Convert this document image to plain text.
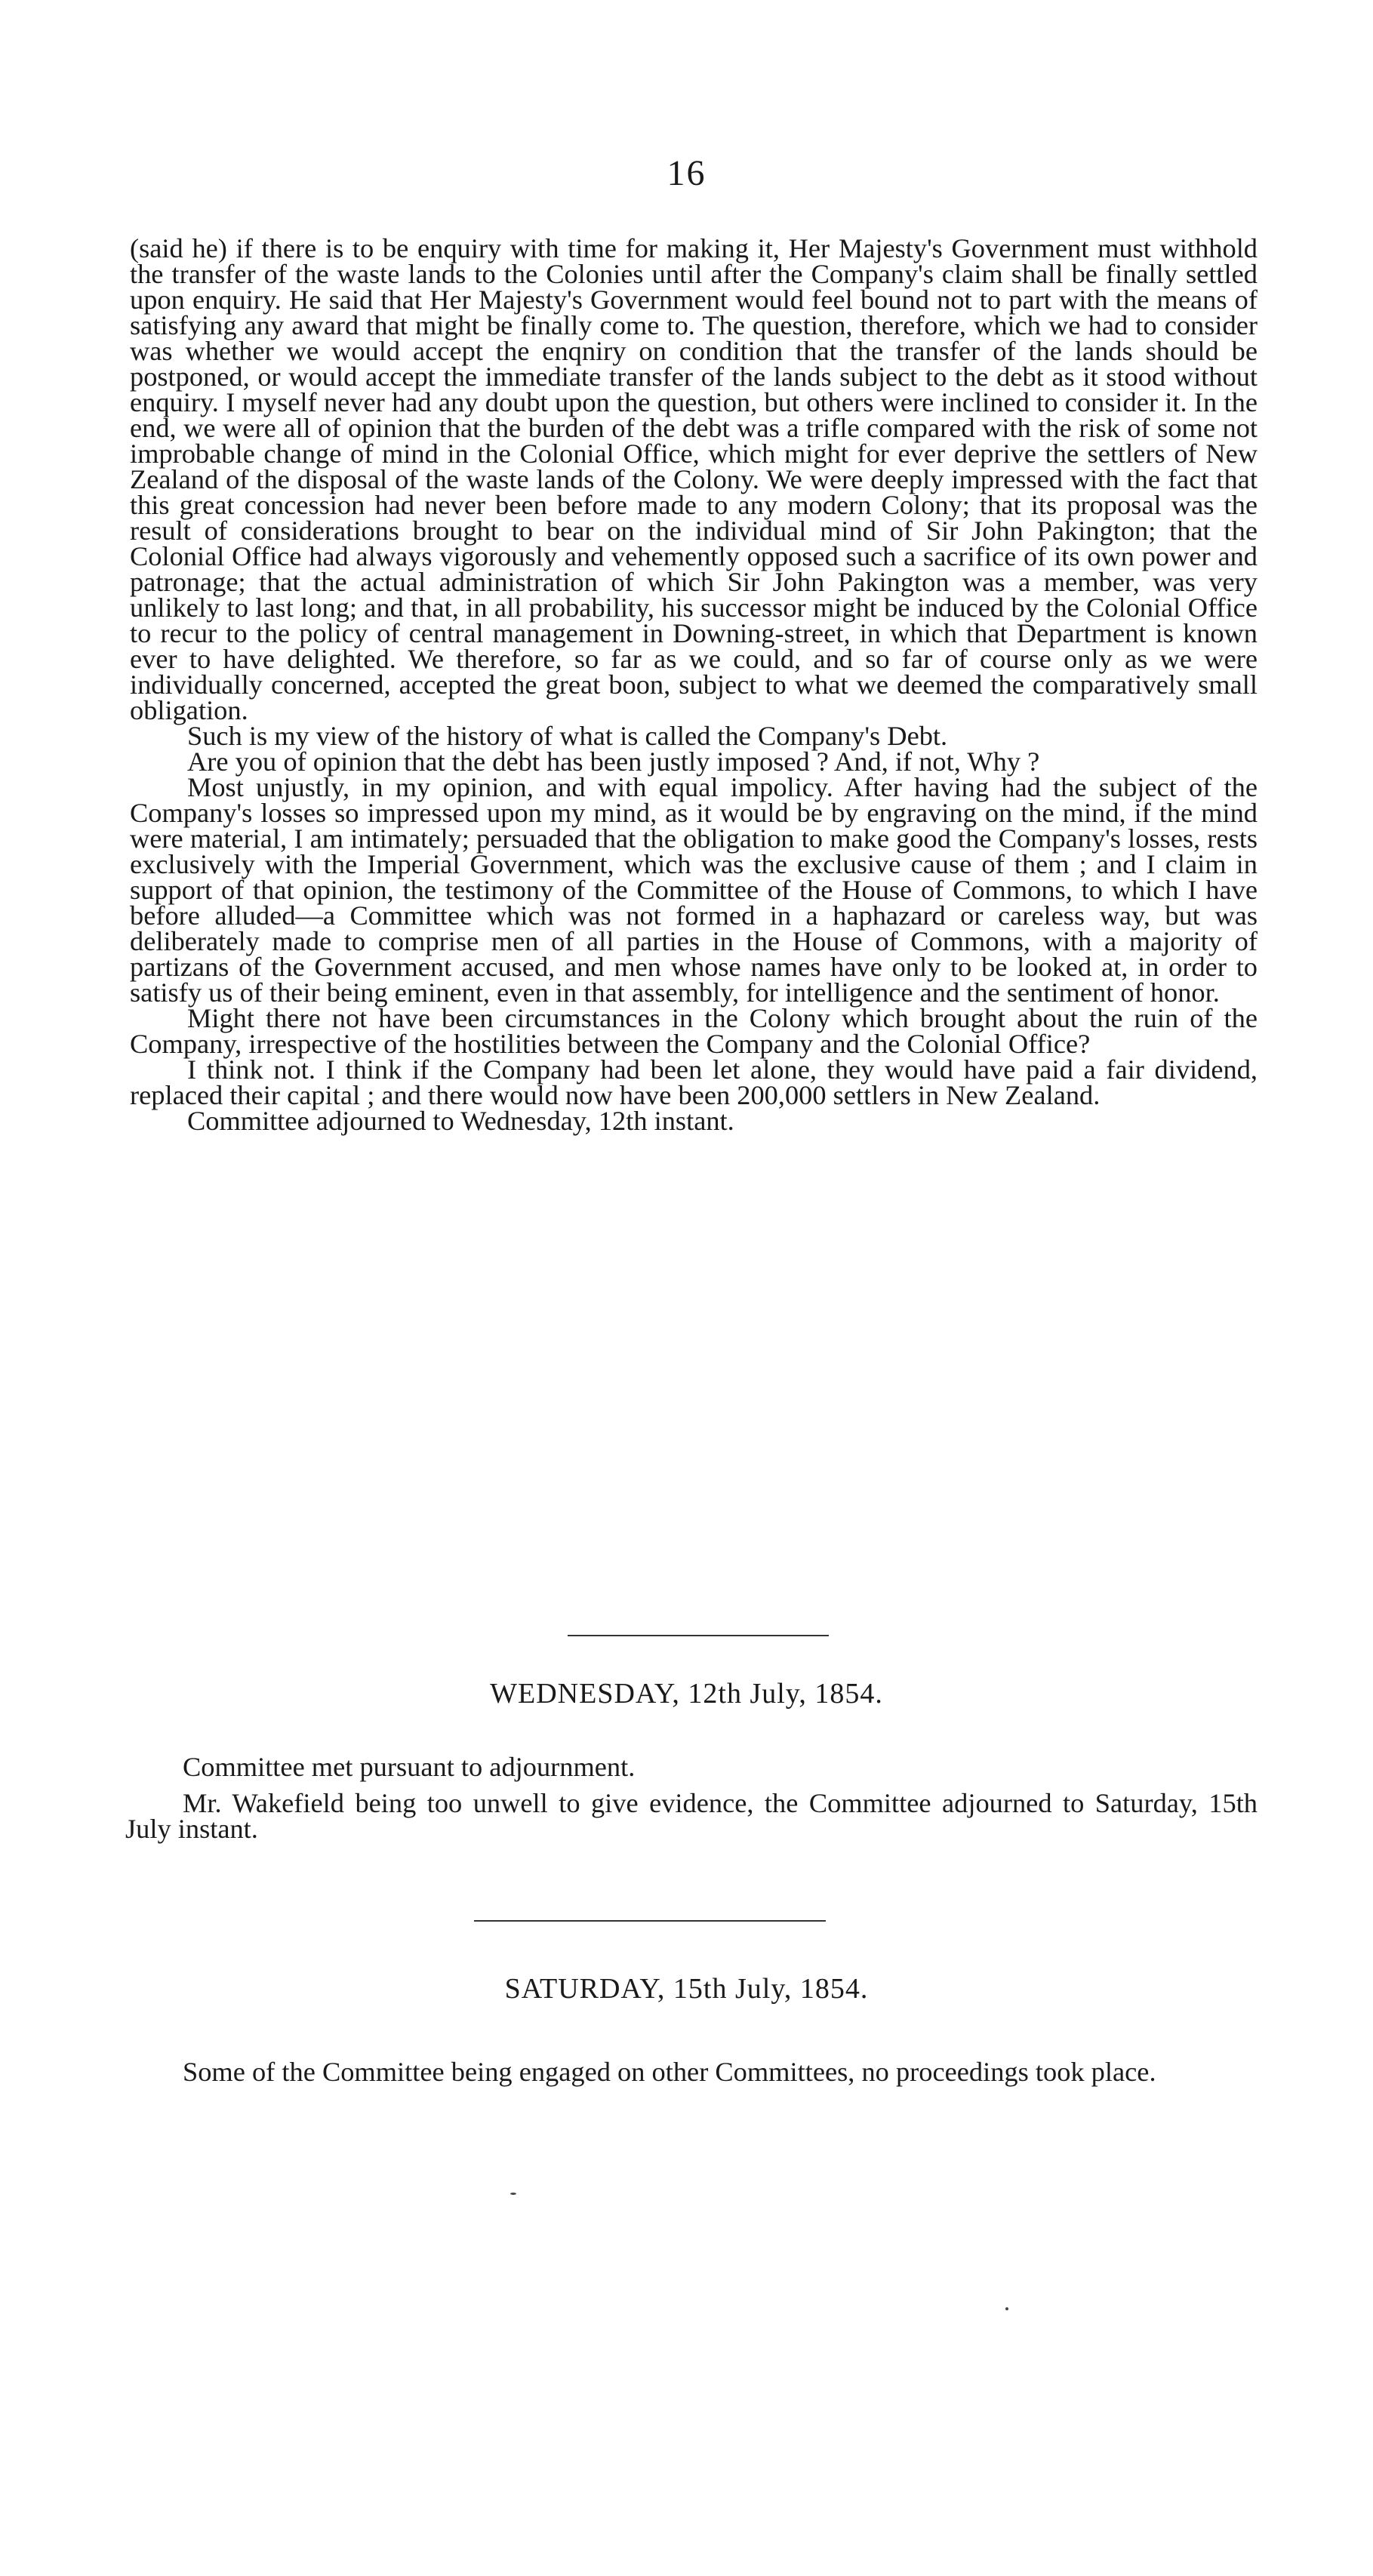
16

(said he) if there is to be enquiry with time for making it, Her Majesty's Government must withhold the transfer of the waste lands to the Colonies until after the Company's claim shall be finally settled upon enquiry. He said that Her Majesty's Government would feel bound not to part with the means of satisfying any award that might be finally come to. The question, therefore, which we had to consider was whether we would accept the enqniry on condition that the transfer of the lands should be postponed, or would accept the immediate transfer of the lands subject to the debt as it stood without enquiry. I myself never had any doubt upon the question, but others were inclined to consider it. In the end, we were all of opinion that the burden of the debt was a trifle compared with the risk of some not improbable change of mind in the Colonial Office, which might for ever deprive the settlers of New Zealand of the disposal of the waste lands of the Colony. We were deeply impressed with the fact that this great concession had never been before made to any modern Colony; that its proposal was the result of considerations brought to bear on the individual mind of Sir John Pakington; that the Colonial Office had always vigorously and vehemently opposed such a sacrifice of its own power and patronage; that the actual administration of which Sir John Pakington was a member, was very unlikely to last long; and that, in all probability, his successor might be induced by the Colonial Office to recur to the policy of central management in Downing-street, in which that Department is known ever to have delighted. We therefore, so far as we could, and so far of course only as we were individually concerned, accepted the great boon, subject to what we deemed the comparatively small obligation.

Such is my view of the history of what is called the Company's Debt.

Are you of opinion that the debt has been justly imposed ? And, if not, Why ?

Most unjustly, in my opinion, and with equal impolicy. After having had the subject of the Company's losses so impressed upon my mind, as it would be by engraving on the mind, if the mind were material, I am intimately; persuaded that the obligation to make good the Company's losses, rests exclusively with the Imperial Government, which was the exclusive cause of them ; and I claim in support of that opinion, the testimony of the Committee of the House of Commons, to which I have before alluded—a Committee which was not formed in a haphazard or careless way, but was deliberately made to comprise men of all parties in the House of Commons, with a majority of partizans of the Government accused, and men whose names have only to be looked at, in order to satisfy us of their being eminent, even in that assembly, for intelligence and the sentiment of honor.

Might there not have been circumstances in the Colony which brought about the ruin of the Company, irrespective of the hostilities between the Company and the Colonial Office?

I think not. I think if the Company had been let alone, they would have paid a fair dividend, replaced their capital ; and there would now have been 200,000 settlers in New Zealand.

Committee adjourned to Wednesday, 12th instant.

WEDNESDAY, 12th July, 1854.

Committee met pursuant to adjournment.

Mr. Wakefield being too unwell to give evidence, the Committee adjourned to Saturday, 15th July instant.

SATURDAY, 15th July, 1854.

Some of the Committee being engaged on other Committees, no proceedings took place.
